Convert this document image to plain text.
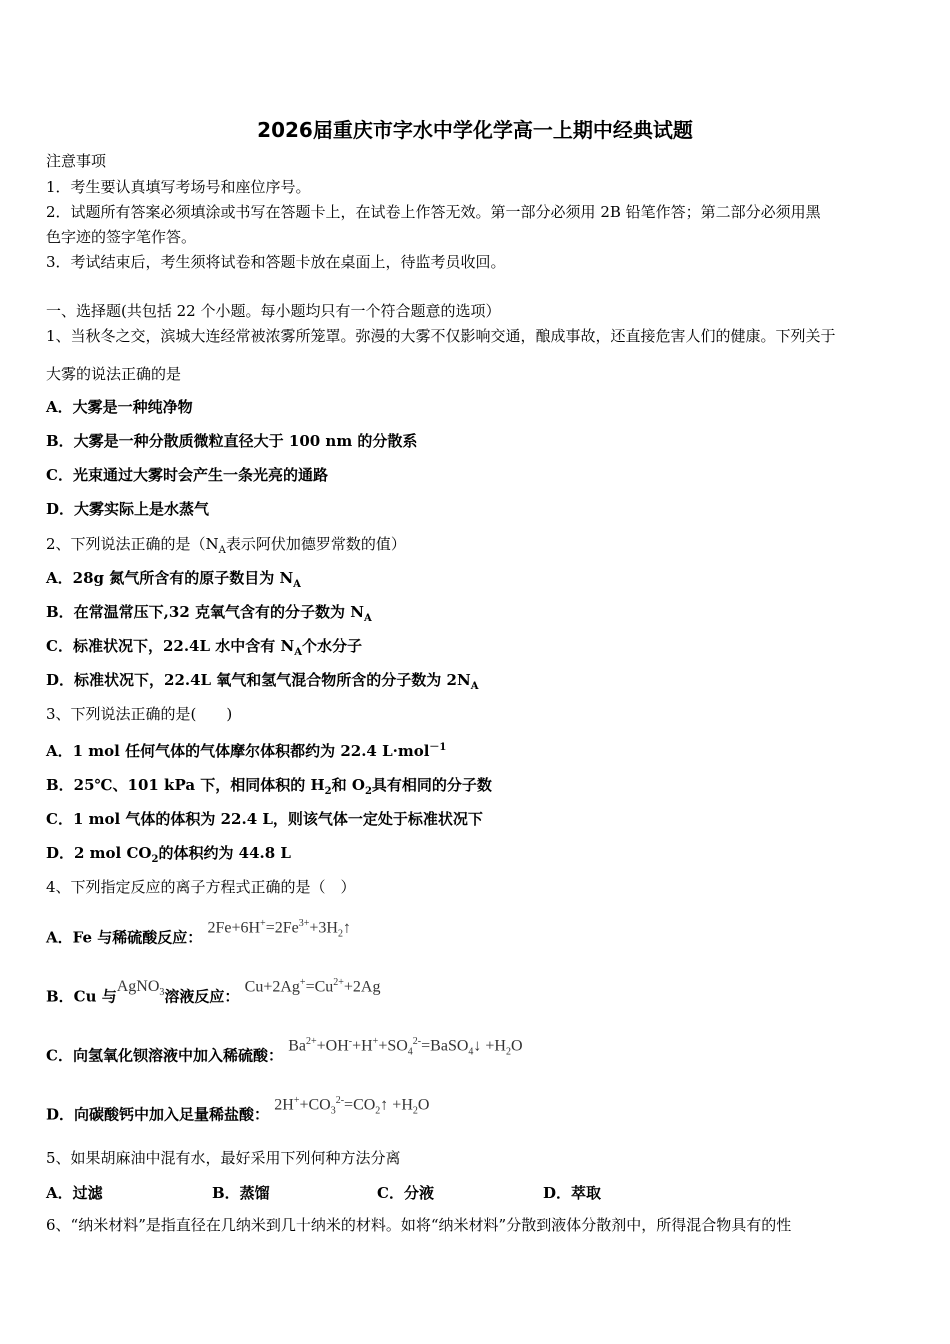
2026届重庆市字水中学化学高一上期中经典试题
注意事项
1．考生要认真填写考场号和座位序号。
2．试题所有答案必须填涂或书写在答题卡上，在试卷上作答无效。第一部分必须用 2B 铅笔作答；第二部分必须用黑
色字迹的签字笔作答。
3．考试结束后，考生须将试卷和答题卡放在桌面上，待监考员收回。
一、选择题(共包括 22 个小题。每小题均只有一个符合题意的选项）
1、当秋冬之交，滨城大连经常被浓雾所笼罩。弥漫的大雾不仅影响交通，酿成事故，还直接危害人们的健康。下列关于
大雾的说法正确的是
A．大雾是一种纯净物
B．大雾是一种分散质微粒直径大于 100 nm 的分散系
C．光束通过大雾时会产生一条光亮的通路
D．大雾实际上是水蒸气
2、下列说法正确的是（$N_A$表示阿伏加德罗常数的值）
A．28g 氮气所含有的原子数目为 $N_A$
B．在常温常压下,32 克氧气含有的分子数为 $N_A$
C．标准状况下，22.4L 水中含有 $N_A$个水分子
D．标准状况下，22.4L 氧气和氢气混合物所含的分子数为 $2N_A$
3、下列说法正确的是(　　)
A．1 mol 任何气体的气体摩尔体积都约为 22.4 L·mol$^{-1}$
B．25℃、101 kPa 下，相同体积的 $H_2$和 $O_2$具有相同的分子数
C．1 mol 气体的体积为 22.4 L，则该气体一定处于标准状况下
D．2 mol $CO_2$的体积约为 44.8 L
4、下列指定反应的离子方程式正确的是（　）
A．Fe 与稀硫酸反应： $2Fe+6H^+=2Fe^{3+}+3H_2↑$
B．Cu 与AgNO$_3$溶液反应： $Cu+2Ag^+=Cu^{2+}+2Ag$
C．向氢氧化钡溶液中加入稀硫酸： $Ba^{2+}+OH^-+H^++SO_4^{2-}=BaSO_4↓ +H_2O$
D．向碳酸钙中加入足量稀盐酸： $2H^++CO_3^{2-}=CO_2↑ +H_2O$
5、如果胡麻油中混有水，最好采用下列何种方法分离
A．过滤	B．蒸馏	C．分液	D．萃取
6、“纳米材料”是指直径在几纳米到几十纳米的材料。如将“纳米材料”分散到液体分散剂中，所得混合物具有的性
